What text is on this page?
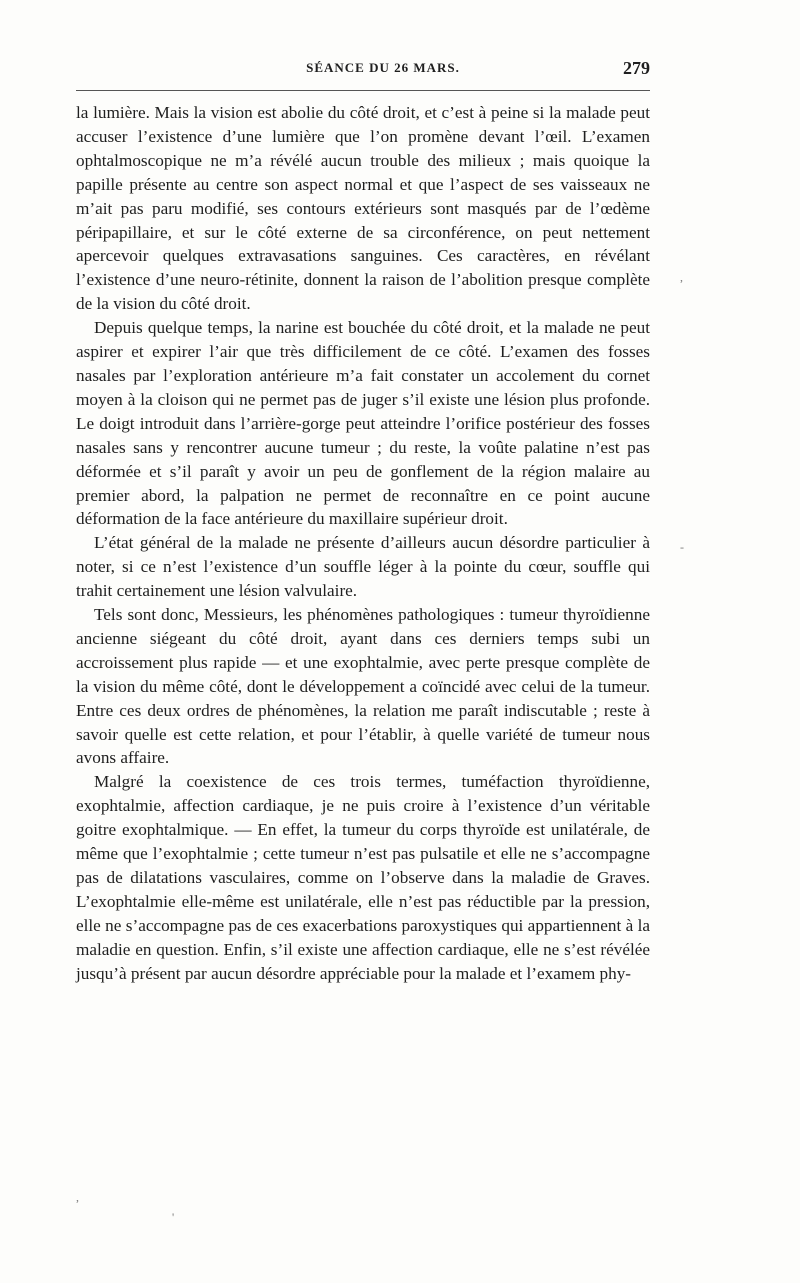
SÉANCE DU 26 MARS.	279

la lumière. Mais la vision est abolie du côté droit, et c’est à peine si la malade peut accuser l’existence d’une lumière que l’on promène devant l’œil. L’examen ophtalmoscopique ne m’a révélé aucun trouble des milieux ; mais quoique la papille présente au centre son aspect normal et que l’aspect de ses vaisseaux ne m’ait pas paru modifié, ses contours extérieurs sont masqués par de l’œdème péripapillaire, et sur le côté externe de sa circonférence, on peut nettement apercevoir quelques extravasations sanguines. Ces caractères, en révélant l’existence d’une neuro-rétinite, donnent la raison de l’abolition presque complète de la vision du côté droit.

Depuis quelque temps, la narine est bouchée du côté droit, et la malade ne peut aspirer et expirer l’air que très difficilement de ce côté. L’examen des fosses nasales par l’exploration antérieure m’a fait constater un accolement du cornet moyen à la cloison qui ne permet pas de juger s’il existe une lésion plus profonde. Le doigt introduit dans l’arrière-gorge peut atteindre l’orifice postérieur des fosses nasales sans y rencontrer aucune tumeur ; du reste, la voûte palatine n’est pas déformée et s’il paraît y avoir un peu de gonflement de la région malaire au premier abord, la palpation ne permet de reconnaître en ce point aucune déformation de la face antérieure du maxillaire supérieur droit.

L’état général de la malade ne présente d’ailleurs aucun désordre particulier à noter, si ce n’est l’existence d’un souffle léger à la pointe du cœur, souffle qui trahit certainement une lésion valvulaire.

Tels sont donc, Messieurs, les phénomènes pathologiques : tumeur thyroïdienne ancienne siégeant du côté droit, ayant dans ces derniers temps subi un accroissement plus rapide — et une exophtalmie, avec perte presque complète de la vision du même côté, dont le développement a coïncidé avec celui de la tumeur. Entre ces deux ordres de phénomènes, la relation me paraît indiscutable ; reste à savoir quelle est cette relation, et pour l’établir, à quelle variété de tumeur nous avons affaire.

Malgré la coexistence de ces trois termes, tuméfaction thyroïdienne, exophtalmie, affection cardiaque, je ne puis croire à l’existence d’un véritable goitre exophtalmique. — En effet, la tumeur du corps thyroïde est unilatérale, de même que l’exophtalmie ; cette tumeur n’est pas pulsatile et elle ne s’accompagne pas de dilatations vasculaires, comme on l’observe dans la maladie de Graves. L’exophtalmie elle-même est unilatérale, elle n’est pas réductible par la pression, elle ne s’accompagne pas de ces exacerbations paroxystiques qui appartiennent à la maladie en question. Enfin, s’il existe une affection cardiaque, elle ne s’est révélée jusqu’à présent par aucun désordre appréciable pour la malade et l’examem phy-

,
-
,
'
